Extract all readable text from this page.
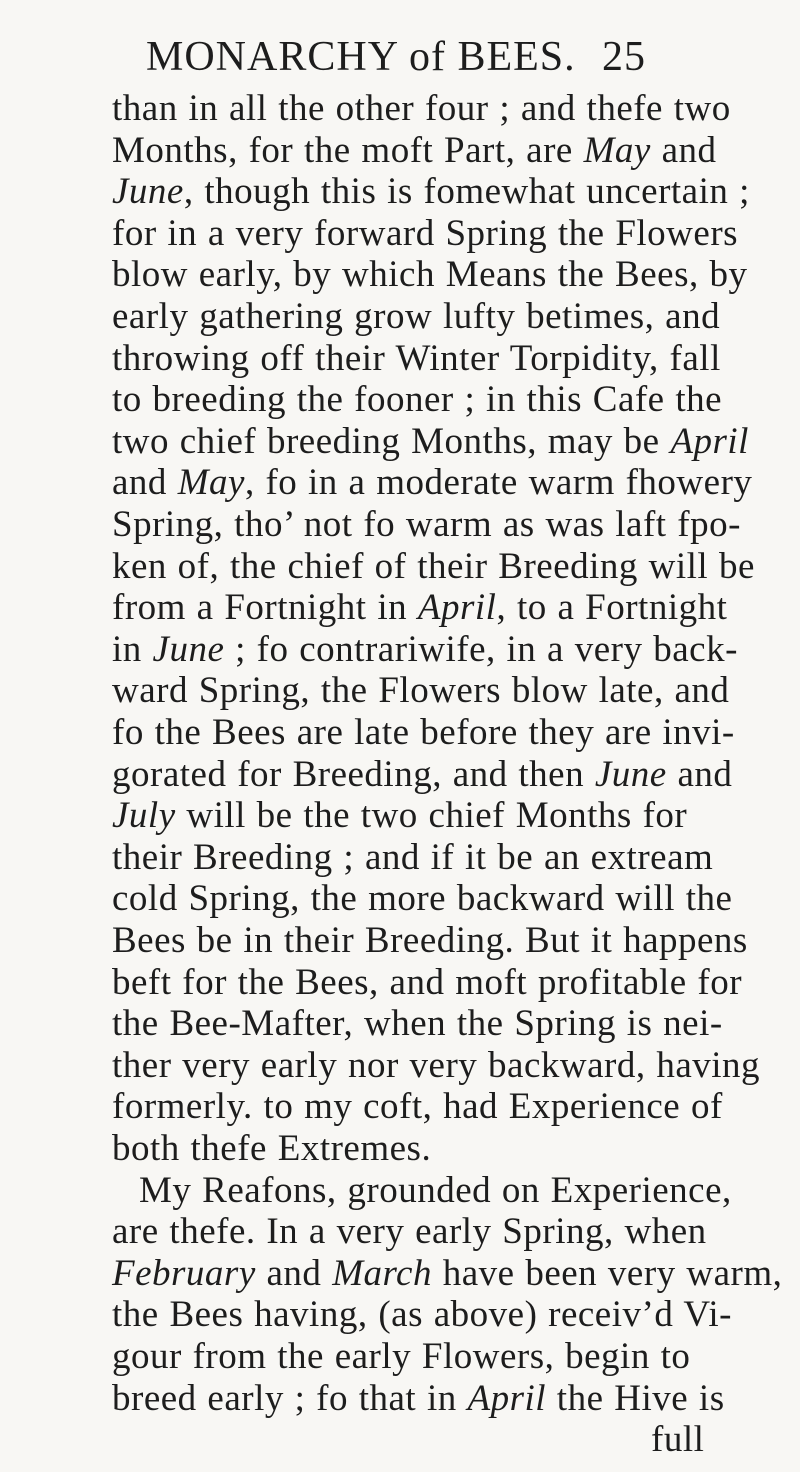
MONARCHY of BEES. 25
than in all the other four ; and thefe two
Months, for the moft Part, are May and
June, though this is fomewhat uncertain ;
for in a very forward Spring the Flowers
blow early, by which Means the Bees, by
early gathering grow lufty betimes, and
throwing off their Winter Torpidity, fall
to breeding the fooner ; in this Cafe the
two chief breeding Months, may be April
and May, fo in a moderate warm fhowery
Spring, tho’ not fo warm as was laft fpo-
ken of, the chief of their Breeding will be
from a Fortnight in April, to a Fortnight
in June ; fo contrariwife, in a very back-
ward Spring, the Flowers blow late, and
fo the Bees are late before they are invi-
gorated for Breeding, and then June and
July will be the two chief Months for
their Breeding ; and if it be an extream
cold Spring, the more backward will the
Bees be in their Breeding. But it happens
beft for the Bees, and moft profitable for
the Bee-Mafter, when the Spring is nei-
ther very early nor very backward, having
formerly. to my coft, had Experience of
both thefe Extremes.
My Reafons, grounded on Experience,
are thefe. In a very early Spring, when
February and March have been very warm,
the Bees having, (as above) receiv’d Vi-
gour from the early Flowers, begin to
breed early ; fo that in April the Hive is
full
